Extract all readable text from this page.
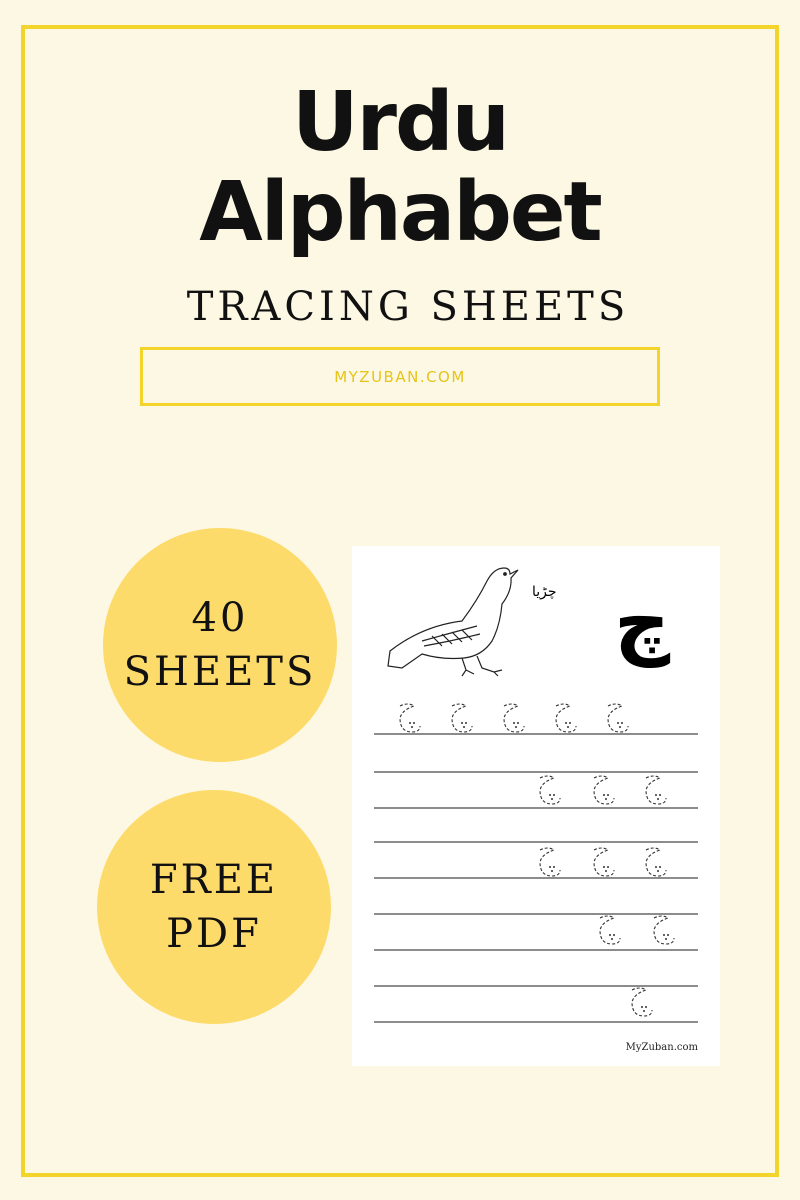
Urdu
Alphabet
TRACING SHEETS
MYZUBAN.COM
40
SHEETS
FREE
PDF
چڑیا چ
MyZuban.com
